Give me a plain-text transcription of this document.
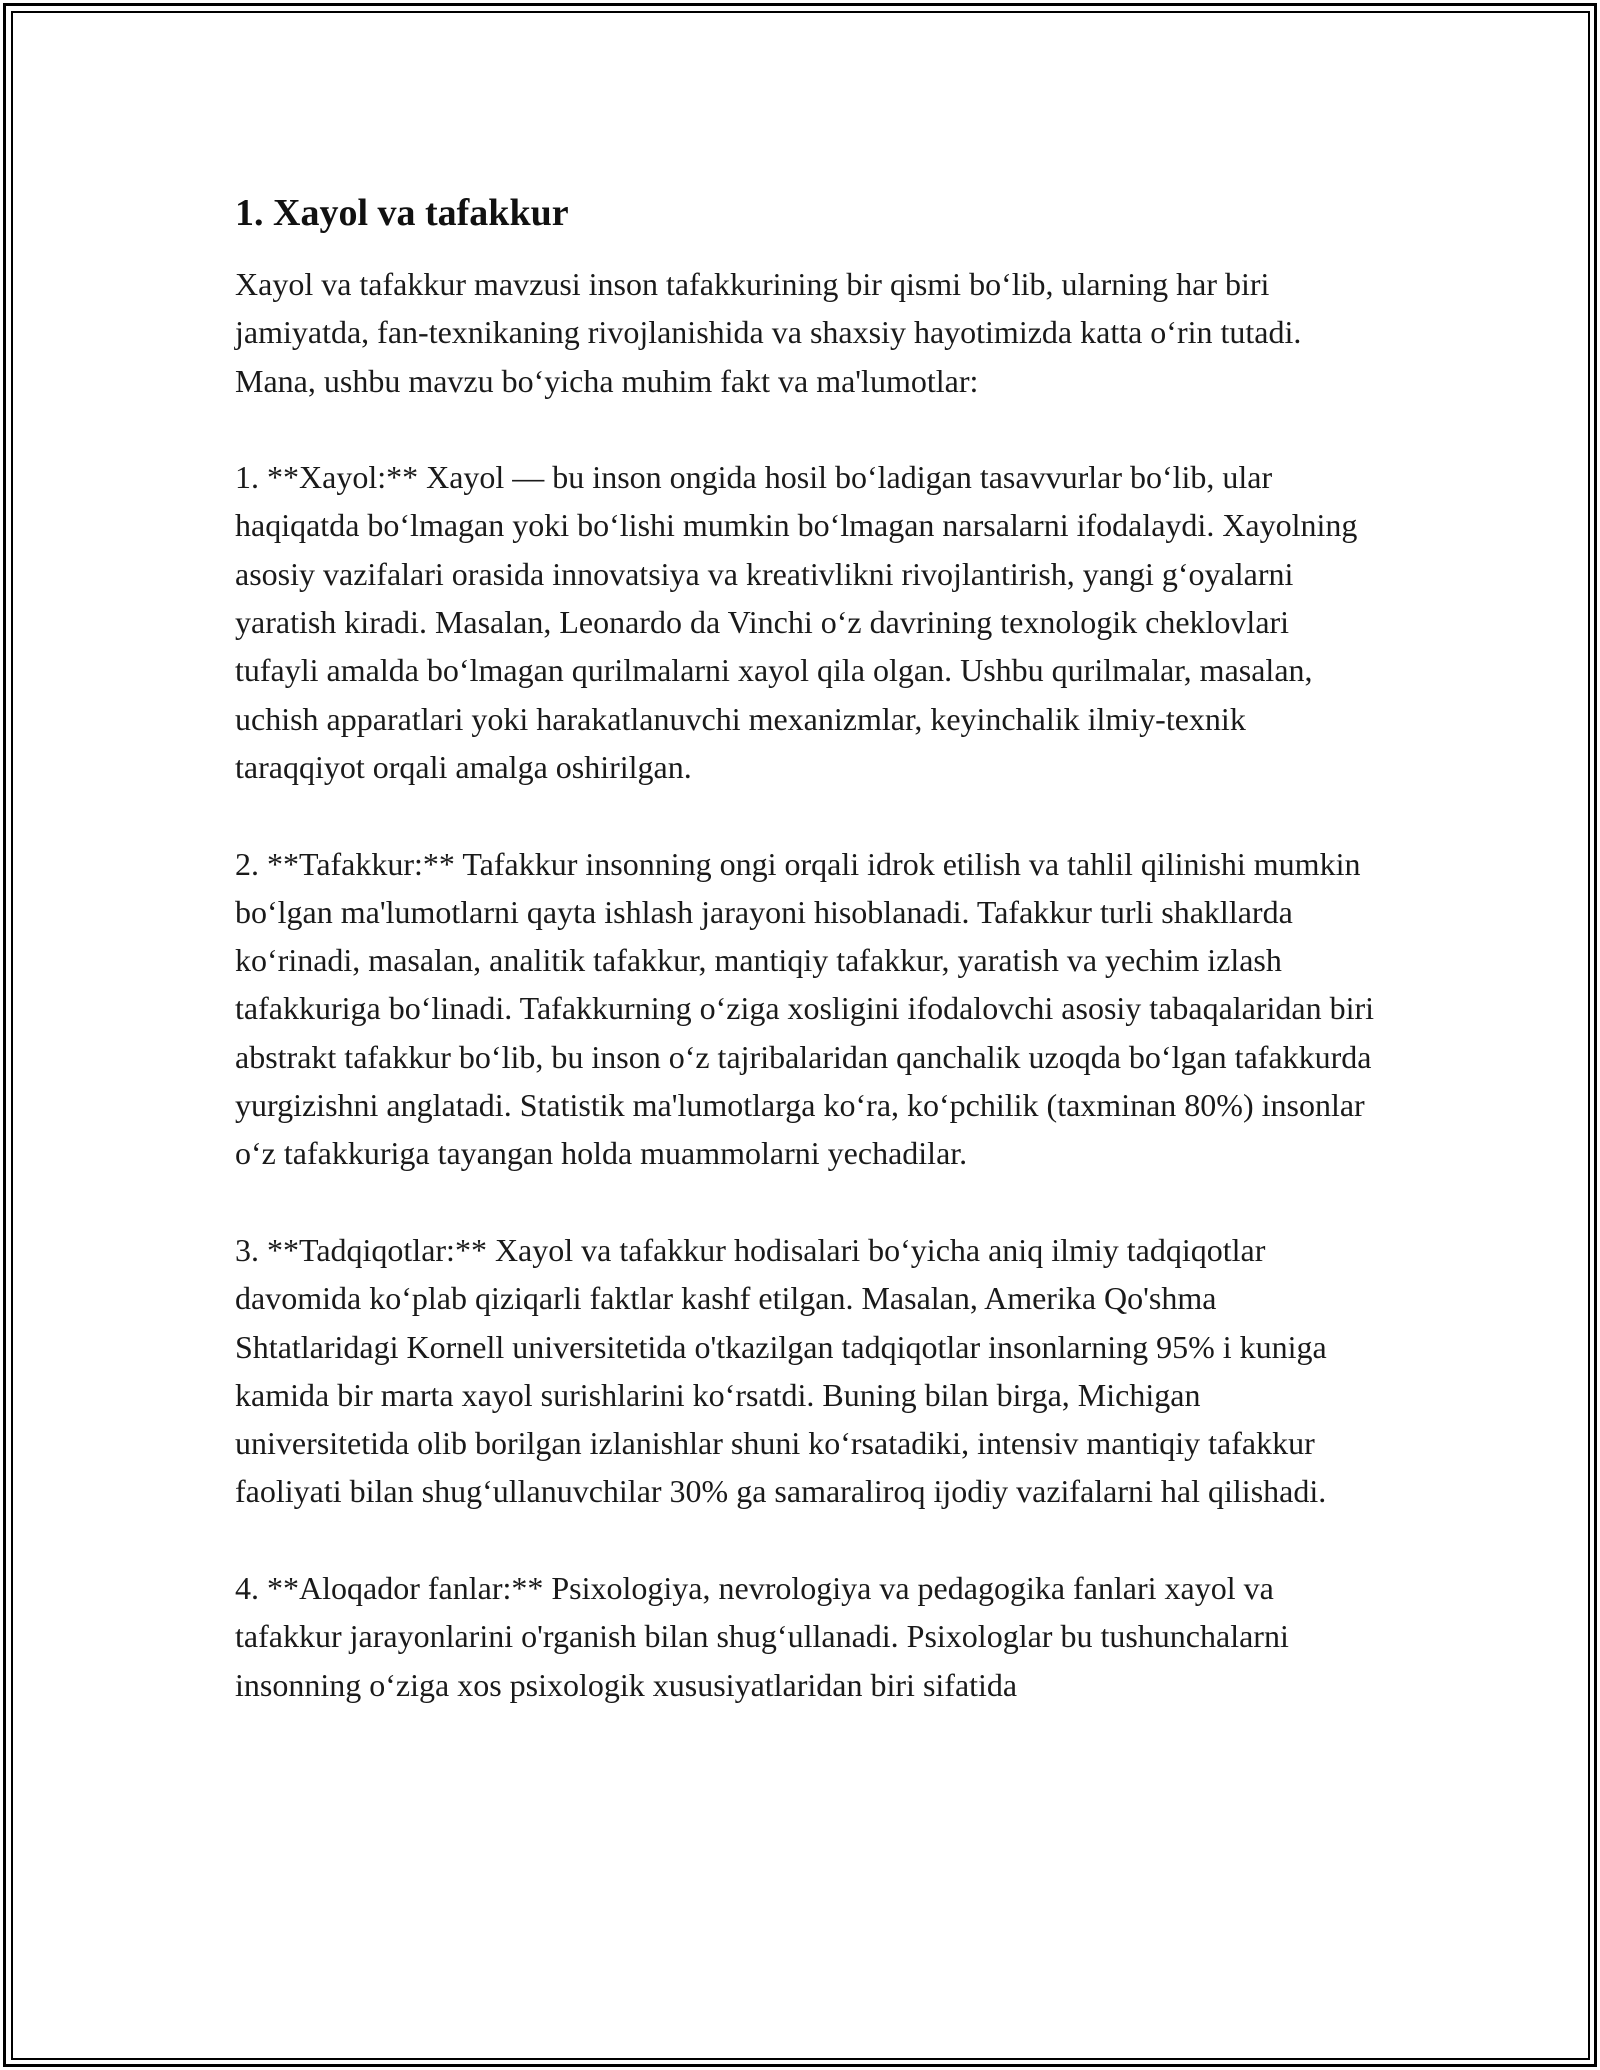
1. Xayol va tafakkur

Xayol va tafakkur mavzusi inson tafakkurining bir qismi bo‘lib, ularning har biri jamiyatda, fan-texnikaning rivojlanishida va shaxsiy hayotimizda katta o‘rin tutadi. Mana, ushbu mavzu bo‘yicha muhim fakt va ma'lumotlar:

1. **Xayol:** Xayol — bu inson ongida hosil bo‘ladigan tasavvurlar bo‘lib, ular haqiqatda bo‘lmagan yoki bo‘lishi mumkin bo‘lmagan narsalarni ifodalaydi. Xayolning asosiy vazifalari orasida innovatsiya va kreativlikni rivojlantirish, yangi g‘oyalarni yaratish kiradi. Masalan, Leonardo da Vinchi o‘z davrining texnologik cheklovlari tufayli amalda bo‘lmagan qurilmalarni xayol qila olgan. Ushbu qurilmalar, masalan, uchish apparatlari yoki harakatlanuvchi mexanizmlar, keyinchalik ilmiy-texnik taraqqiyot orqali amalga oshirilgan.

2. **Tafakkur:** Tafakkur insonning ongi orqali idrok etilish va tahlil qilinishi mumkin bo‘lgan ma'lumotlarni qayta ishlash jarayoni hisoblanadi. Tafakkur turli shakllarda ko‘rinadi, masalan, analitik tafakkur, mantiqiy tafakkur, yaratish va yechim izlash tafakkuriga bo‘linadi. Tafakkurning o‘ziga xosligini ifodalovchi asosiy tabaqalaridan biri abstrakt tafakkur bo‘lib, bu inson o‘z tajribalaridan qanchalik uzoqda bo‘lgan tafakkurda yurgizishni anglatadi. Statistik ma'lumotlarga ko‘ra, ko‘pchilik (taxminan 80%) insonlar o‘z tafakkuriga tayangan holda muammolarni yechadilar.

3. **Tadqiqotlar:** Xayol va tafakkur hodisalari bo‘yicha aniq ilmiy tadqiqotlar davomida ko‘plab qiziqarli faktlar kashf etilgan. Masalan, Amerika Qo'shma Shtatlaridagi Kornell universitetida o'tkazilgan tadqiqotlar insonlarning 95% i kuniga kamida bir marta xayol surishlarini ko‘rsatdi. Buning bilan birga, Michigan universitetida olib borilgan izlanishlar shuni ko‘rsatadiki, intensiv mantiqiy tafakkur faoliyati bilan shug‘ullanuvchilar 30% ga samaraliroq ijodiy vazifalarni hal qilishadi.

4. **Aloqador fanlar:** Psixologiya, nevrologiya va pedagogika fanlari xayol va tafakkur jarayonlarini o'rganish bilan shug‘ullanadi. Psixologlar bu tushunchalarni insonning o‘ziga xos psixologik xususiyatlaridan biri sifatida
